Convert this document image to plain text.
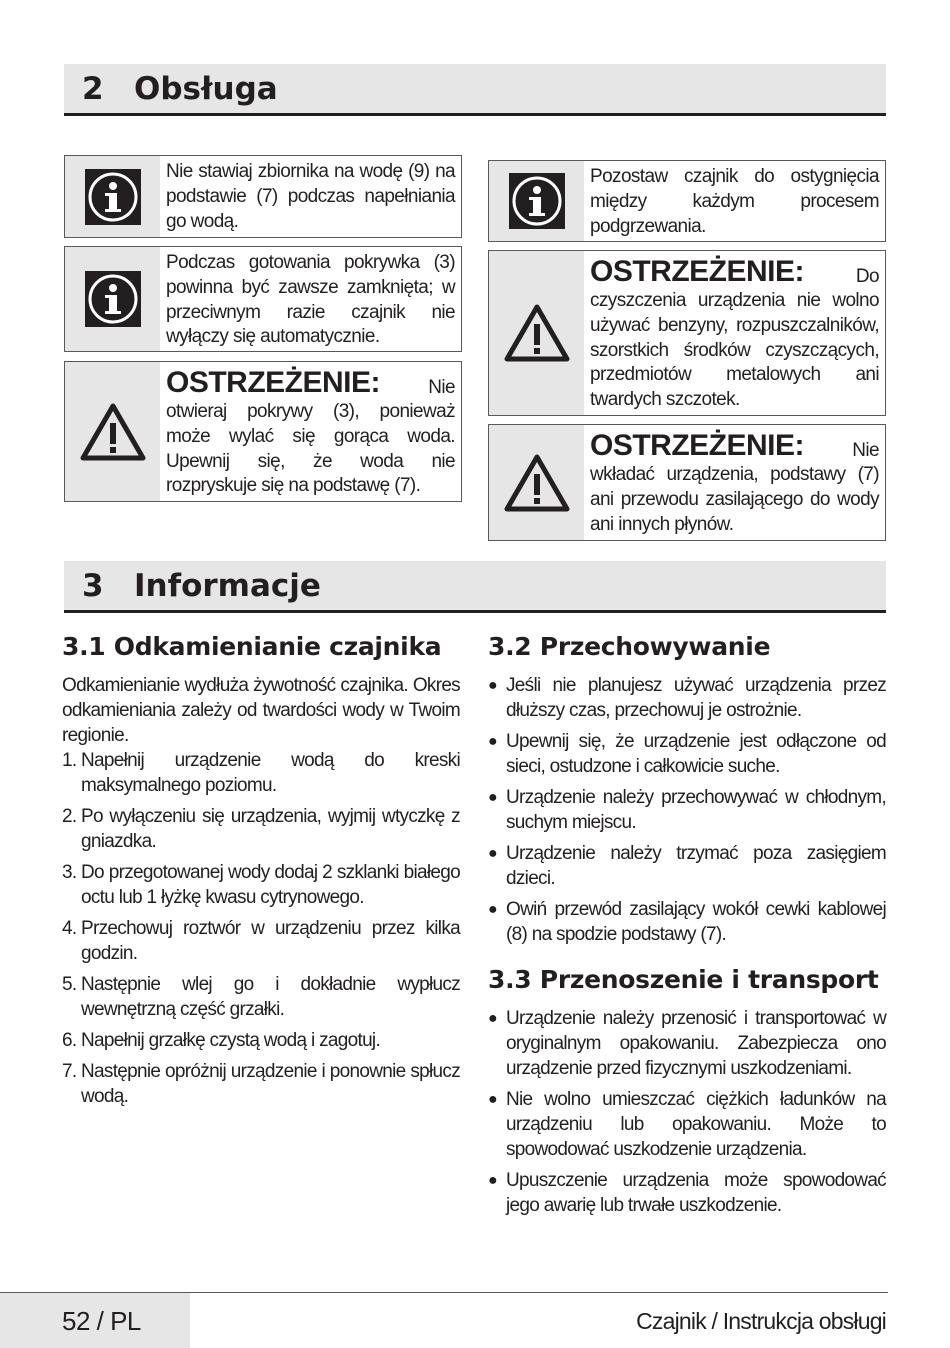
2 Obsługa
Nie stawiaj zbiornika na wodę (9) na podstawie (7) podczas napełniania go wodą.
Podczas gotowania pokrywka (3) powinna być zawsze zamknięta; w przeciwnym razie czajnik nie wyłączy się automatycznie.
OSTRZEŻENIE:	Nie
otwieraj pokrywy (3), ponieważ może wylać się gorąca woda. Upewnij się, że woda nie rozpryskuje się na podstawę (7).
Pozostaw czajnik do ostygnięcia między każdym procesem podgrzewania.
OSTRZEŻENIE:	Do
czyszczenia urządzenia nie wolno używać benzyny, rozpuszczalników, szorstkich środków czyszczących, przedmiotów metalowych ani twardych szczotek.
OSTRZEŻENIE:	Nie
wkładać urządzenia, podstawy (7) ani przewodu zasilającego do wody ani innych płynów.
3 Informacje
3.1 Odkamienianie czajnika
Odkamienianie wydłuża żywotność czajnika. Okres odkamieniania zależy od twardości wody w Twoim regionie.
1. Napełnij urządzenie wodą do kreski maksymalnego poziomu.
2. Po wyłączeniu się urządzenia, wyjmij wtyczkę z gniazdka.
3. Do przegotowanej wody dodaj 2 szklanki białego octu lub 1 łyżkę kwasu cytrynowego.
4. Przechowuj roztwór w urządzeniu przez kilka godzin.
5. Następnie wlej go i dokładnie wypłucz wewnętrzną część grzałki.
6. Napełnij grzałkę czystą wodą i zagotuj.
7. Następnie opróżnij urządzenie i ponownie spłucz wodą.
3.2 Przechowywanie
● Jeśli nie planujesz używać urządzenia przez dłuższy czas, przechowuj je ostrożnie.
● Upewnij się, że urządzenie jest odłączone od sieci, ostudzone i całkowicie suche.
● Urządzenie należy przechowywać w chłodnym, suchym miejscu.
● Urządzenie należy trzymać poza zasięgiem dzieci.
● Owiń przewód zasilający wokół cewki kablowej (8) na spodzie podstawy (7).
3.3 Przenoszenie i transport
● Urządzenie należy przenosić i transportować w oryginalnym opakowaniu. Zabezpiecza ono urządzenie przed fizycznymi uszkodzeniami.
● Nie wolno umieszczać ciężkich ładunków na urządzeniu lub opakowaniu. Może to spowodować uszkodzenie urządzenia.
● Upuszczenie urządzenia może spowodować jego awarię lub trwałe uszkodzenie.
52 / PL	Czajnik / Instrukcja obsługi
